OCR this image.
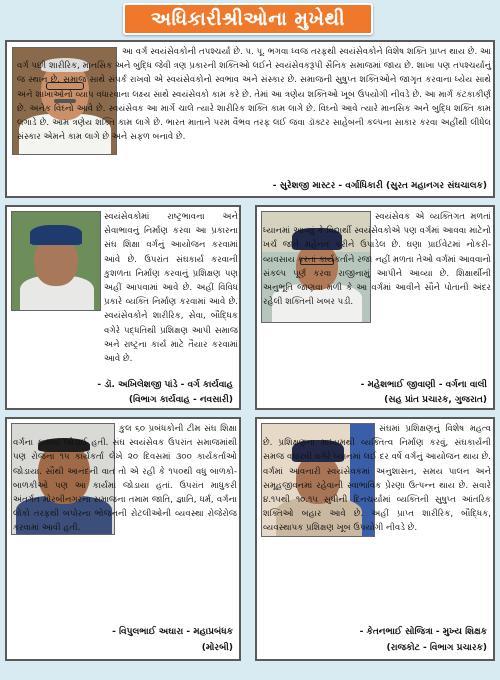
અધિકારીશ્રીઓના મુખેથી
આ વર્ગ સ્વયંસેવકોની તપશ્ચર્યા છે. પ. પૂ. ભગવા ધ્વજ તરફથી સ્વયંસેવકોને વિશેષ શક્તિ પ્રાપ્ત થાય છે. આ વર્ગ પછી શારીરિક, માનસિક અને બુદ્ધિ જેવી ત્રણ પ્રકારની શક્તિઓ લઈને સ્વયંસેવકરૂપી સૈનિક સમાજમાં જાય છે. શાખા પણ તપશ્ચર્યાનું જ સ્થાન છે. સમાજ સાથે સંપર્ક રાખવો એ સ્વયંસેવકોનો સ્વભાવ અને સંસ્કાર છે. સમાજની સુષુપ્ત શક્તિઓને જાગૃત કરવાના ધ્યેય સાથે અને શાખાઓનો વ્યાપ વધારવાના લક્ષ્ય સાથે સ્વયંસેવકો કામ કરે છે. તેમાં આ ત્રણેય શક્તિઓ ખૂબ ઉપયોગી નીવડે છે. આ માર્ગ કંટકાકીર્ણ છે. અનેક વિઘ્નો આવે છે. સ્વયંસેવક આ માર્ગે ચાલે ત્યારે શારીરિક શક્તિ કામ લાગે છે. વિઘ્નો આવે ત્યારે માનસિક અને બુદ્ધિ શક્તિ કામ લગાડે છે. આમ ત્રણેય શક્તિ કામ લાગે છે. ભારત માતાને પરમ વૈભવ તરફ લઈ જવા ડૉક્ટર સાહેબની કલ્પના સાકાર કરવા અહીંથી લીધેલ સંસ્કાર એમને કામ લાગે છે અને સફળ બનાવે છે.
- સુરેશજી માસ્ટર - વર્ગાધિકારી (સુરત મહાનગર સંઘચાલક)
સ્વયંસેવકોમાં રાષ્ટ્રભાવના અને સેવાભાવનું નિર્માણ કરવા આ પ્રકારના સંઘ શિક્ષા વર્ગનું આયોજન કરવામાં આવે છે. ઉપરાંત સંઘકાર્ય કરવાની કુશળતા નિર્માણ કરવાનું પ્રશિક્ષણ પણ અહીં આપવામાં આવે છે. અહીં વિવિધ પ્રકારે વ્યક્તિ નિર્માણ કરવામાં આવે છે. સ્વયંસેવકોને શારીરિક, સેવા, બૌદ્ધિક વગેરે પદ્ધતિથી પ્રશિક્ષણ આપી સમાજ અને રાષ્ટ્રના કાર્ય માટે તૈયાર કરવામાં આવે છે.
- ડૉ. અખિલેશજી પાંડે - વર્ગ કાર્યવાહ
(વિભાગ કાર્યવાહ - નવસારી)
સ્વયંસેવક એ વ્યક્તિગત મળતાં ધ્યાનમાં આવ્યું કે વિદ્યાર્થી સ્વયંસેવકોએ પણ વર્ગમાં આવવા માટેનો ખર્ચ જાતે મહેનત કરીને ઉપાડેલ છે. ઘણા પ્રાઈવેટમાં નોકરી-વ્યવસાય કરતાં કાર્યકર્તાને રજા નહીં મળતા તેઓ વર્ગમાં આવવાનો સંકલ્પ પૂર્ણ કરવા રાજીનામું આપીને આવ્યા છે. શિક્ષાર્થીની અનુભૂતિ જાણવા મળી કે આ વર્ગમાં આવીને સૌને પોતાની અંદર રહેલી શક્તિની ખબર પડી.
- મહેશભાઈ જીવાણી - વર્ગના વાલી
(સહ પ્રાંત પ્રચારક, ગુજરાત)
કુલ ૬૦ પ્રબંધકોની ટીમ સંઘ શિક્ષા વર્ગના કામમાં જોડાઈ હતી. સંઘ સ્વયંસેવક ઉપરાંત સમાજમાંથી પણ રોજના ૧૫ કાર્યકર્તા લેખે ૨૦ દિવસમાં ૩૦૦ કાર્યકર્તાઓ જોડાયા. સૌથી આનંદની વાત તો એ રહી કે ૧૫૦થી વધુ બાળકો-બાળકીઓ પણ આ કાર્યમાં જોડાયા હતાં. ઉપરાંત માધુકરી અંતર્ગત મોરબીનગરના સમાજના તમામ જાતિ, જ્ઞાતિ, ધર્મ, વર્ગના લોકો તરફથી બપોરના ભોજનની રોટલીઓની વ્યવસ્થા રોજેરોજ કરવામાં આવી હતી.
- વિપુલભાઈ અઘારા - મહાપ્રબંધક
(મોરબી)
સંઘમાં પ્રશિક્ષણનું વિશેષ મહત્વ છે. પ્રશિક્ષણના માધ્યમથી વ્યક્તિત્વ નિર્માણ કરવું, સંઘકાર્યની સમજ વધારવી વગેરે ધ્યાનમાં લઈ દર વર્ષે વર્ગનું આયોજન થાય છે. વર્ગમાં આવનારી સ્વયંસેવકમાં અનુશાસન, સમય પાલન અને સમૂહજીવનમાં રહેવાની સ્વાભાવિક પ્રેરણા ઉત્પન્ન થાય છે. સવારે ૪.૧૫થી ૧૦.૧૫ સુધીની દિનચર્યામાં વ્યક્તિની સુષુપ્ત આંતરિક શક્તિઓ બહાર આવે છે. અહીં પ્રાપ્ત શારીરિક, બૌદ્ધિક, વ્યવસ્થાપક પ્રશિક્ષણ ખૂબ ઉપયોગી નીવડે છે.
- કેતનભાઈ સોજિત્રા - મુખ્ય શિક્ષક
(રાજકોટ - વિભાગ પ્રચારક)
